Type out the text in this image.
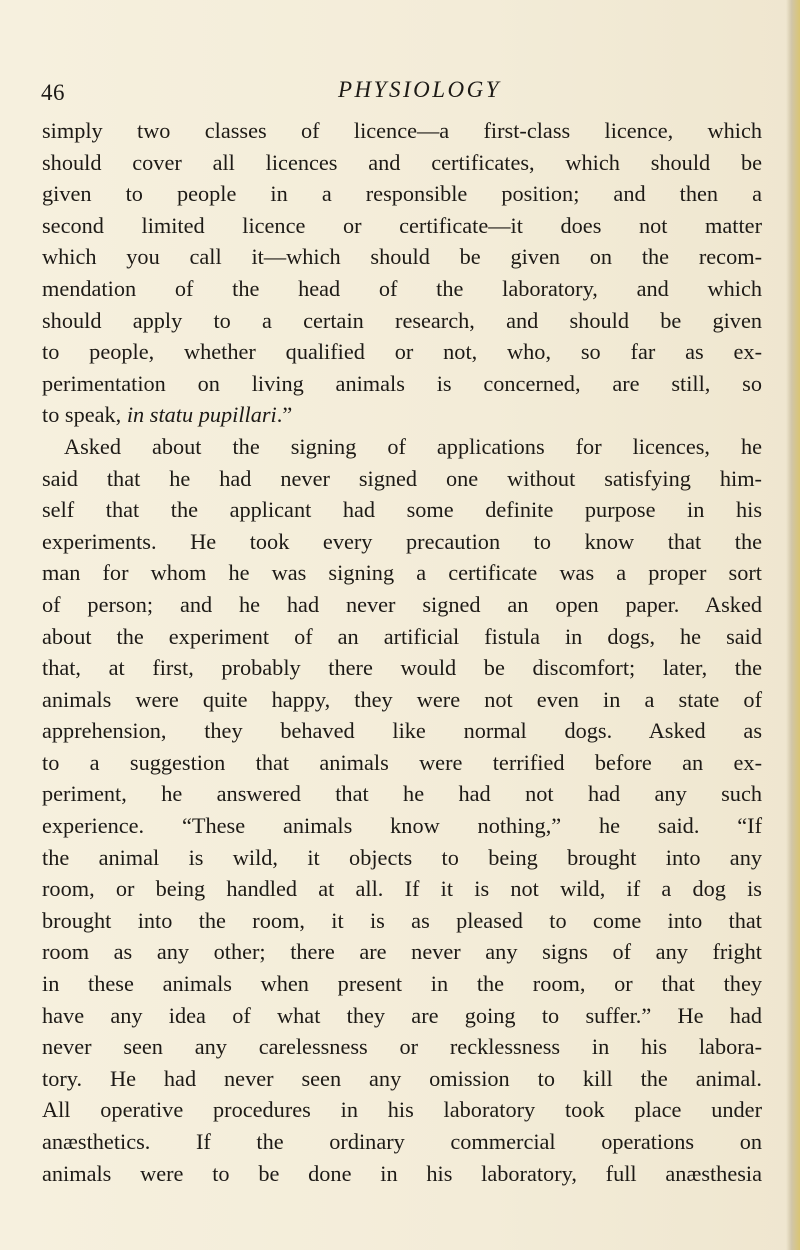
46	PHYSIOLOGY
simply two classes of licence—a first-class licence, which
should cover all licences and certificates, which should be
given to people in a responsible position; and then a
second limited licence or certificate—it does not matter
which you call it—which should be given on the recom-
mendation of the head of the laboratory, and which
should apply to a certain research, and should be given
to people, whether qualified or not, who, so far as ex-
perimentation on living animals is concerned, are still, so
to speak, in statu pupillari.”
Asked about the signing of applications for licences, he
said that he had never signed one without satisfying him-
self that the applicant had some definite purpose in his
experiments. He took every precaution to know that the
man for whom he was signing a certificate was a proper sort
of person; and he had never signed an open paper. Asked
about the experiment of an artificial fistula in dogs, he said
that, at first, probably there would be discomfort; later, the
animals were quite happy, they were not even in a state of
apprehension, they behaved like normal dogs. Asked as
to a suggestion that animals were terrified before an ex-
periment, he answered that he had not had any such
experience. “These animals know nothing,” he said. “If
the animal is wild, it objects to being brought into any
room, or being handled at all. If it is not wild, if a dog is
brought into the room, it is as pleased to come into that
room as any other; there are never any signs of any fright
in these animals when present in the room, or that they
have any idea of what they are going to suffer.” He had
never seen any carelessness or recklessness in his labora-
tory. He had never seen any omission to kill the animal.
All operative procedures in his laboratory took place under
anæsthetics. If the ordinary commercial operations on
animals were to be done in his laboratory, full anæsthesia
